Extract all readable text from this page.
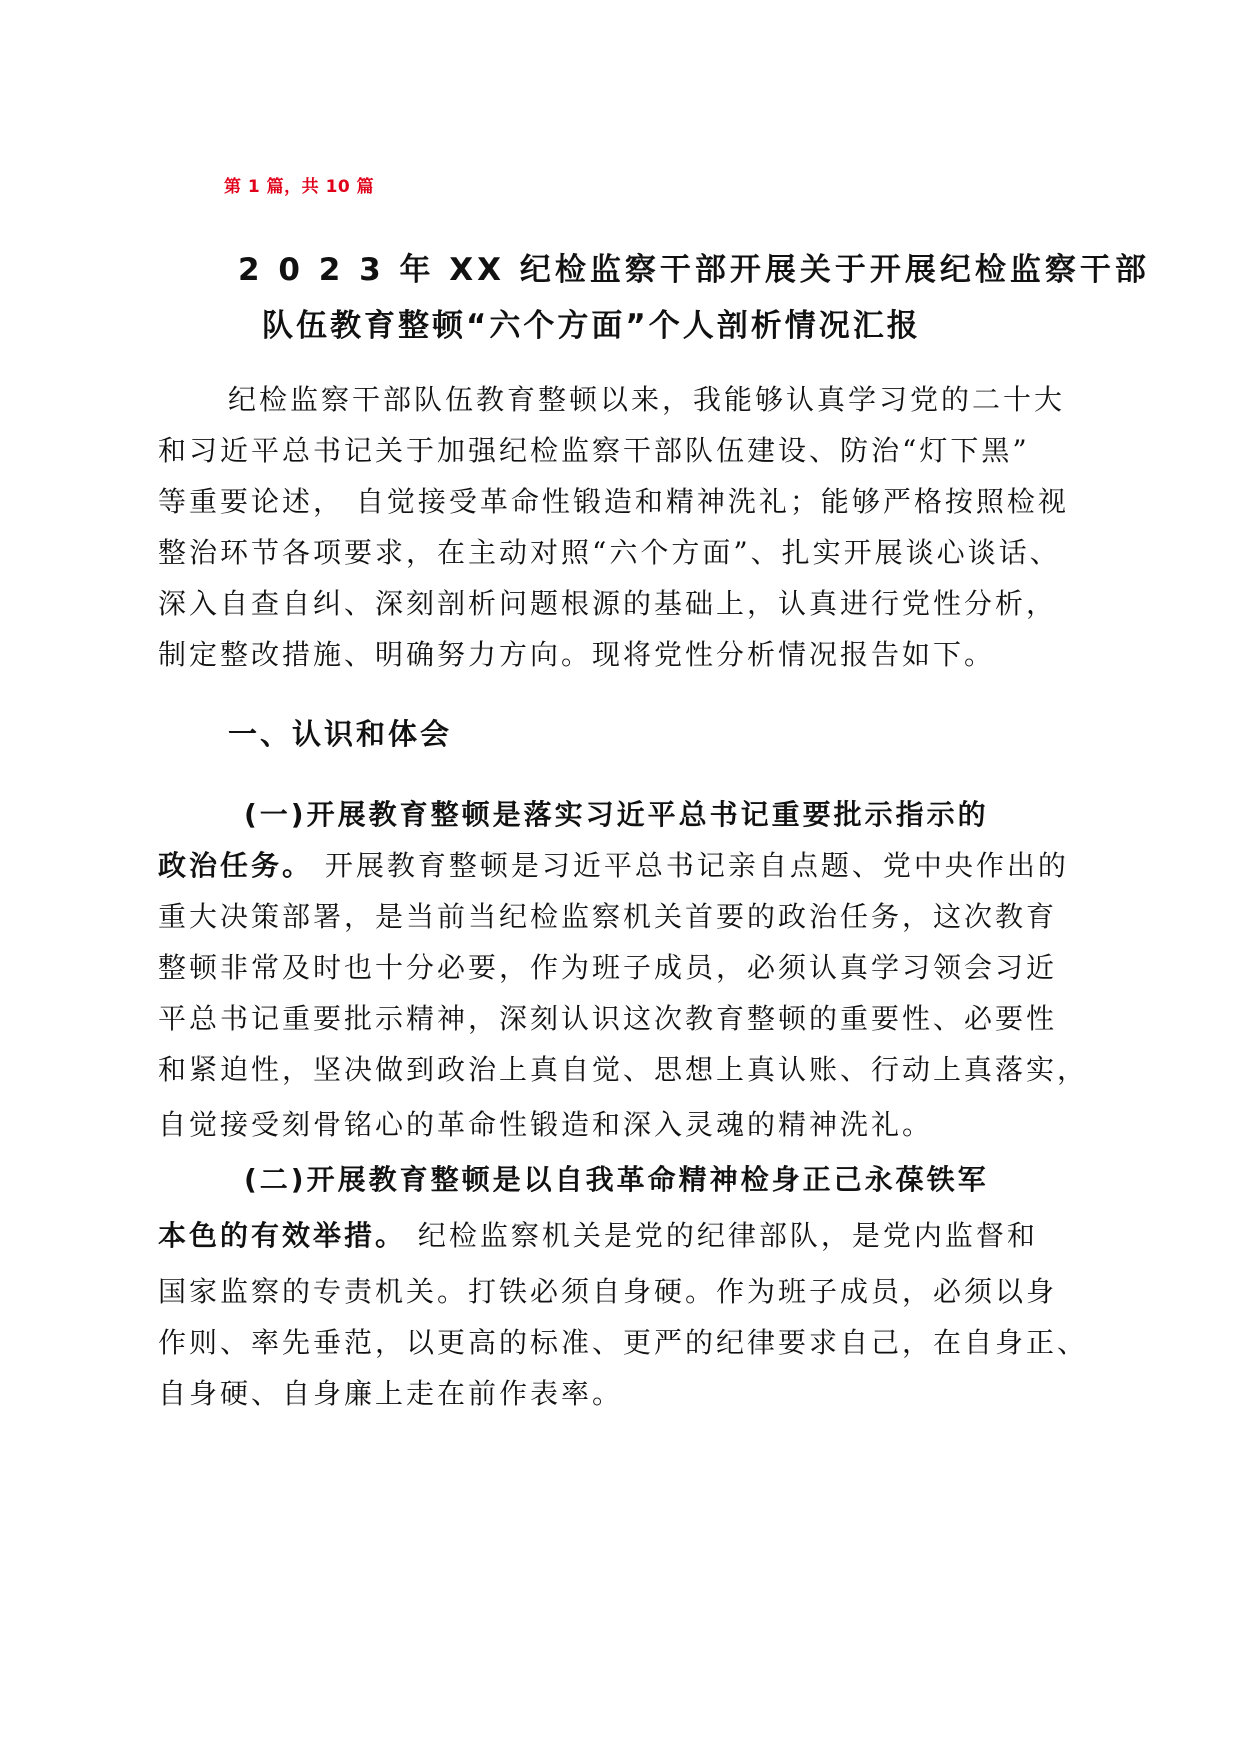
第 1 篇，共 10 篇
2 0 2 3 年 XX 纪检监察干部开展关于开展纪检监察干部
队伍教育整顿“六个方面”个人剖析情况汇报
纪检监察干部队伍教育整顿以来，我能够认真学习党的二十大
和习近平总书记关于加强纪检监察干部队伍建设、防治“灯下黑”
等重要论述， 自觉接受革命性锻造和精神洗礼；能够严格按照检视
整治环节各项要求，在主动对照“六个方面”、扎实开展谈心谈话、
深入自查自纠、深刻剖析问题根源的基础上，认真进行党性分析，
制定整改措施、明确努力方向。现将党性分析情况报告如下。
一、认识和体会
(一)开展教育整顿是落实习近平总书记重要批示指示的
政治任务。 开展教育整顿是习近平总书记亲自点题、党中央作出的
重大决策部署，是当前当纪检监察机关首要的政治任务，这次教育
整顿非常及时也十分必要，作为班子成员，必须认真学习领会习近
平总书记重要批示精神，深刻认识这次教育整顿的重要性、必要性
和紧迫性，坚决做到政治上真自觉、思想上真认账、行动上真落实，
自觉接受刻骨铭心的革命性锻造和深入灵魂的精神洗礼。
(二)开展教育整顿是以自我革命精神检身正己永葆铁军
本色的有效举措。 纪检监察机关是党的纪律部队，是党内监督和
国家监察的专责机关。打铁必须自身硬。作为班子成员，必须以身
作则、率先垂范，以更高的标准、更严的纪律要求自己，在自身正、
自身硬、自身廉上走在前作表率。
